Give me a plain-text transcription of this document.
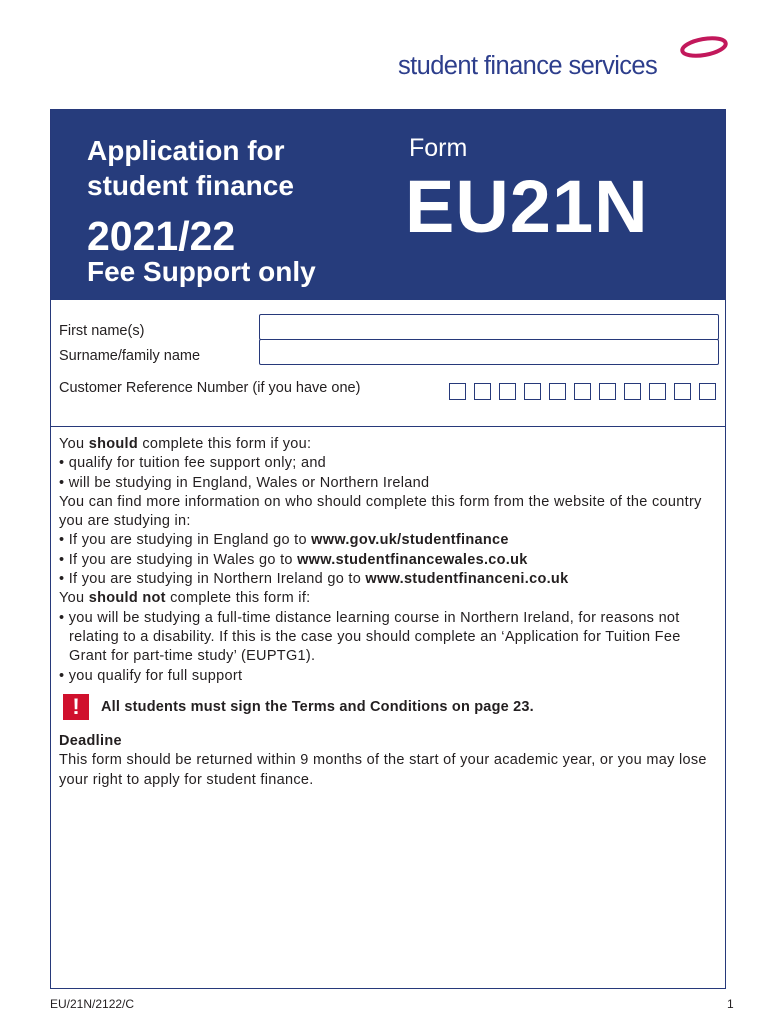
student finance services
Application for
student finance
2021/22
Fee Support only
Form
EU21N
First name(s)
Surname/family name
Customer Reference Number (if you have one)

You should complete this form if you:

• qualify for tuition fee support only; and

• will be studying in England, Wales or Northern Ireland

You can find more information on who should complete this form from the website of the country you are studying in:

• If you are studying in England go to www.gov.uk/studentfinance

• If you are studying in Wales go to www.studentfinancewales.co.uk

• If you are studying in Northern Ireland go to www.studentfinanceni.co.uk

You should not complete this form if:

• you will be studying a full-time distance learning course in Northern Ireland, for reasons not

relating to a disability. If this is the case you should complete an ‘Application for Tuition Fee

Grant for part-time study’ (EUPTG1).

• you qualify for full support

!	All students must sign the Terms and Conditions on page 23.
Deadline
This form should be returned within 9 months of the start of your academic year, or you may lose your right to apply for student finance.
EU/21N/2122/C	1
